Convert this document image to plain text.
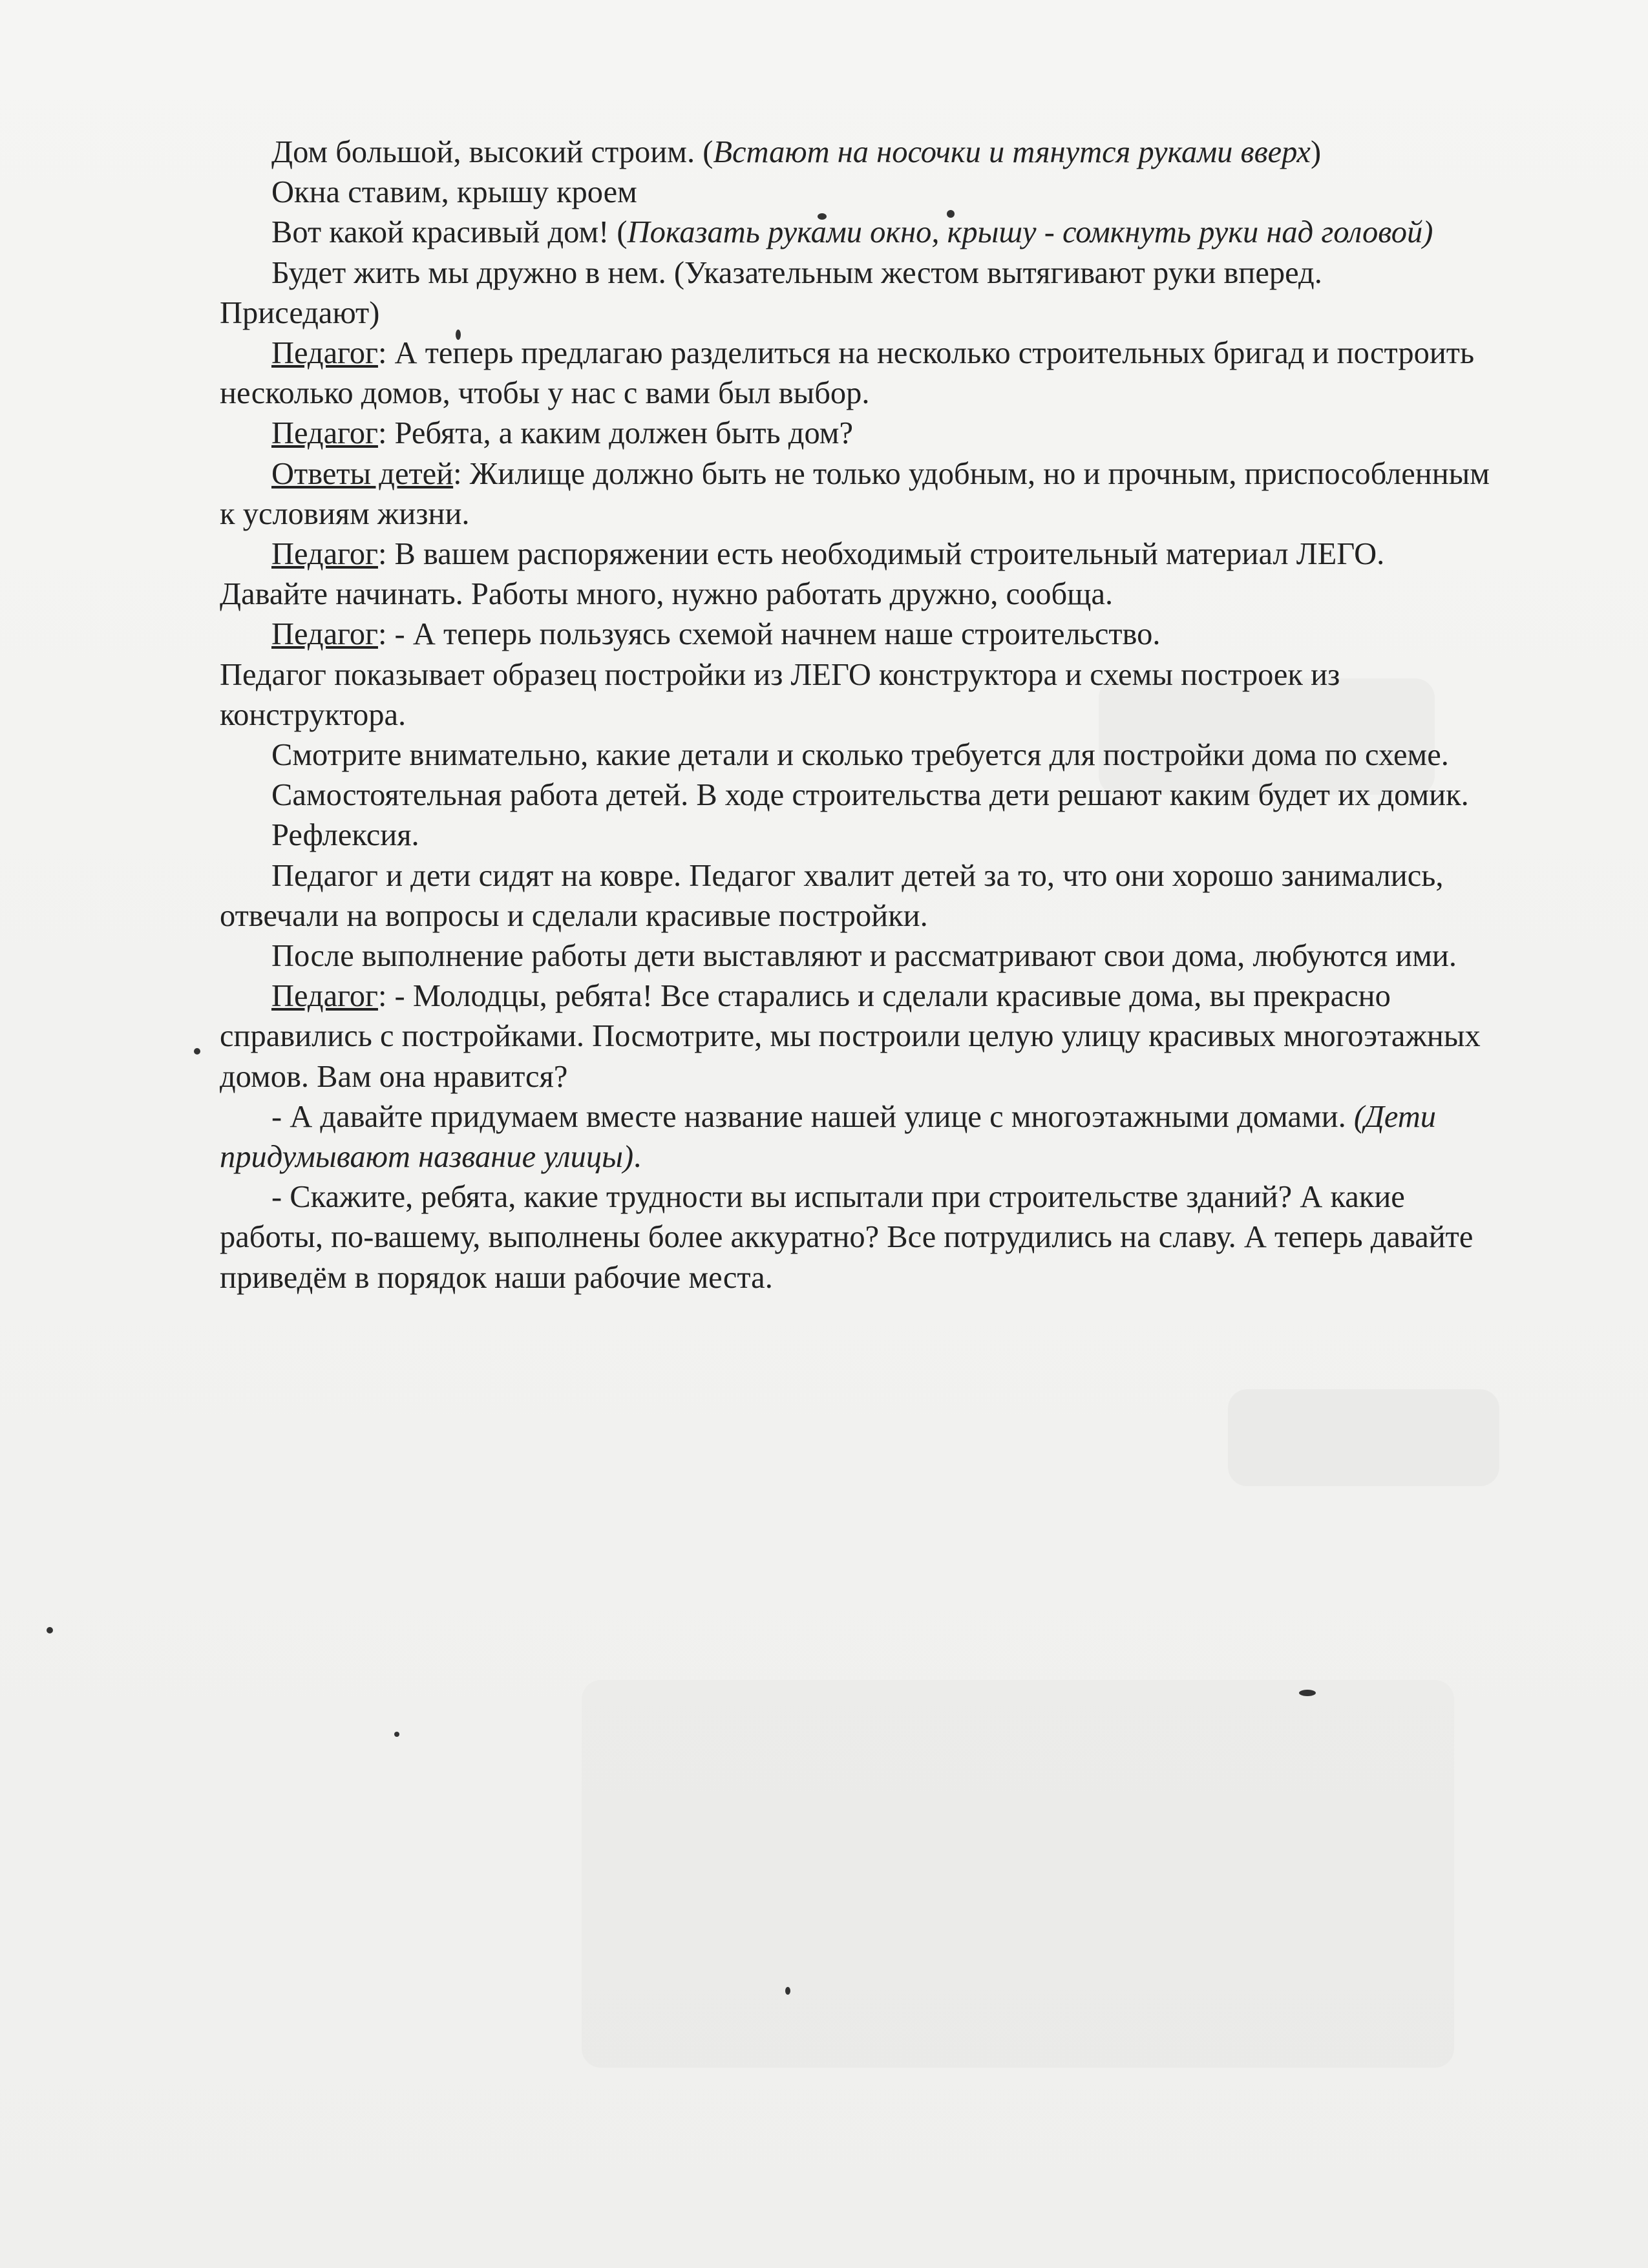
Дом большой, высокий строим. (Встают на носочки и тянутся руками вверх)

Окна ставим, крышу кроем

Вот какой красивый дом! (Показать руками окно, крышу - сомкнуть руки над головой)

Будет жить мы дружно в нем. (Указательным жестом вытягивают руки вперед. Приседают)

Педагог: А теперь предлагаю разделиться на несколько строительных бригад и построить несколько домов, чтобы у нас с вами был выбор.

Педагог: Ребята, а каким должен быть дом?

Ответы детей: Жилище должно быть не только удобным, но и прочным, приспособленным к условиям жизни.

Педагог: В вашем распоряжении есть необходимый строительный материал ЛЕГО. Давайте начинать. Работы много, нужно работать дружно, сообща.

Педагог: - А теперь пользуясь схемой начнем наше строительство.

Педагог показывает образец постройки из ЛЕГО конструктора и схемы построек из конструктора.

Смотрите внимательно, какие детали и сколько требуется для постройки дома по схеме.

Самостоятельная работа детей. В ходе строительства дети решают каким будет их домик.

Рефлексия.

Педагог и дети сидят на ковре. Педагог хвалит детей за то, что они хорошо занимались, отвечали на вопросы и сделали красивые постройки.

После выполнение работы дети выставляют и рассматривают свои дома, любуются ими.

Педагог: - Молодцы, ребята! Все старались и сделали красивые дома, вы прекрасно справились с постройками. Посмотрите, мы построили целую улицу красивых многоэтажных домов. Вам она нравится?

- А давайте придумаем вместе название нашей улице с многоэтажными домами. (Дети придумывают название улицы).

- Скажите, ребята, какие трудности вы испытали при строительстве зданий? А какие работы, по-вашему, выполнены более аккуратно? Все потрудились на славу. А теперь давайте приведём в порядок наши рабочие места.
